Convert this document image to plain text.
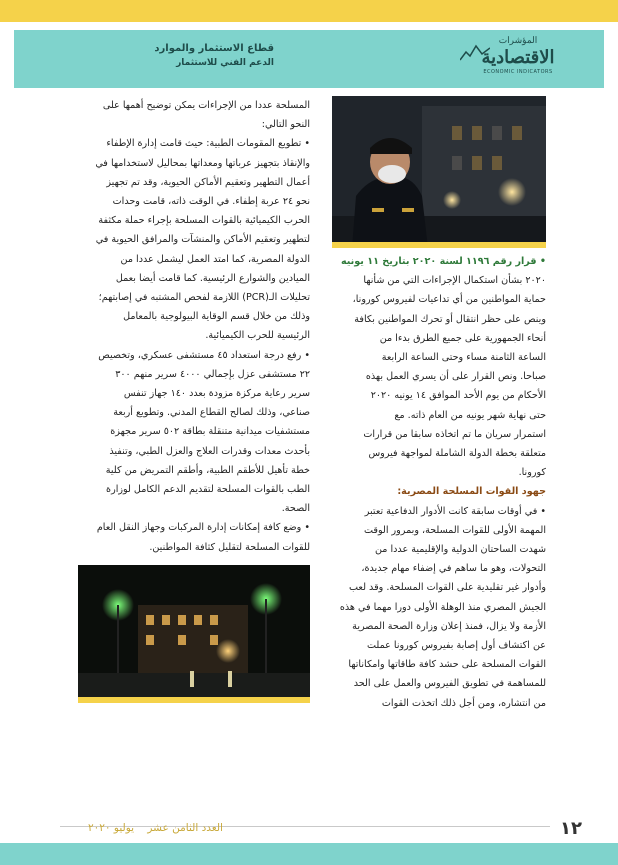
قطاع الاستثمار والموارد
الدعم الفني للاستثمار
المؤشرات
الاقتصادية
ECONOMIC INDICATORS

• قرار رقم ١١٩٦ لسنة ٢٠٢٠ بتاريخ ١١ يونيه

٢٠٢٠ بشأن استكمال الإجراءات التي من شأنها

حماية المواطنين من أي تداعيات لفيروس كورونا،

وينص على حظر انتقال أو تحرك المواطنين بكافة

أنحاء الجمهورية على جميع الطرق بدءا من

الساعة الثامنة مساء وحتى الساعة الرابعة

صباحا. ونص القرار على أن يسري العمل بهذه

الأحكام من يوم الأحد الموافق ١٤ يونيه ٢٠٢٠

حتى نهاية شهر يونيه من العام ذاته. مع

استمرار سريان ما تم اتخاذه سابقا من قرارات

متعلقة بخطة الدولة الشاملة لمواجهة فيروس

كورونا.

جهود القوات المسلحة المصرية:

• في أوقات سابقة كانت الأدوار الدفاعية تعتبر

المهمة الأولى للقوات المسلحة، وبمرور الوقت

شهدت الساحتان الدولية والإقليمية عددا من

التحولات، وهو ما ساهم في إضفاء مهام جديدة،

وأدوار غير تقليدية على القوات المسلحة. وقد لعب

الجيش المصري منذ الوهلة الأولى دورا مهما في هذه

الأزمة ولا يزال، فمنذ إعلان وزارة الصحة المصرية

عن اكتشاف أول إصابة بفيروس كورونا عملت

القوات المسلحة على حشد كافة طاقاتها وامكاناتها

للمساهمة في تطويق الفيروس والعمل على الحد

من انتشاره، ومن أجل ذلك اتخذت القوات

المسلحة عددا من الإجراءات يمكن توضيح أهمها على

النحو التالي:

• تطويع المقومات الطبية: حيث قامت إدارة الإطفاء

والإنقاذ بتجهيز عرباتها ومعداتها بمحاليل لاستخدامها في

أعمال التطهير وتعقيم الأماكن الحيوية، وقد تم تجهيز

نحو ٢٤ عربة إطفاء. في الوقت ذاته، قامت وحدات

الحرب الكيميائية بالقوات المسلحة بإجراء حملة مكثفة

لتطهير وتعقيم الأماكن والمنشآت والمرافق الحيوية في

الدولة المصرية، كما امتد العمل ليشمل عددا من

الميادين والشوارع الرئيسية. كما قامت أيضا بعمل

تحليلات الـ(PCR) اللازمة لفحص المشتبه في إصابتهم؛

وذلك من خلال قسم الوقاية البيولوجية بالمعامل

الرئيسية للحرب الكيميائية.

• رفع درجة استعداد ٤٥ مستشفى عسكري، وتخصيص

٢٢ مستشفى عزل بإجمالي ٤٠٠٠ سرير منهم ٣٠٠

سرير رعاية مركزة مزودة بعدد ١٤٠ جهاز تنفس

صناعي، وذلك لصالح القطاع المدني. وتطويع أربعة

مستشفيات ميدانية متنقلة بطاقة ٥٠٢ سرير مجهزة

بأحدث معدات وقدرات العلاج والعزل الطبي، وتنفيذ

خطة تأهيل للأطقم الطبية، وأطقم التمريض من كلية

الطب بالقوات المسلحة لتقديم الدعم الكامل لوزارة

الصحة.

• وضع كافة إمكانات إدارة المركبات وجهاز النقل العام

للقوات المسلحة لتقليل كثافة المواطنين.

١٢
العدد الثامن عشر يوليو ٢٠٢٠
